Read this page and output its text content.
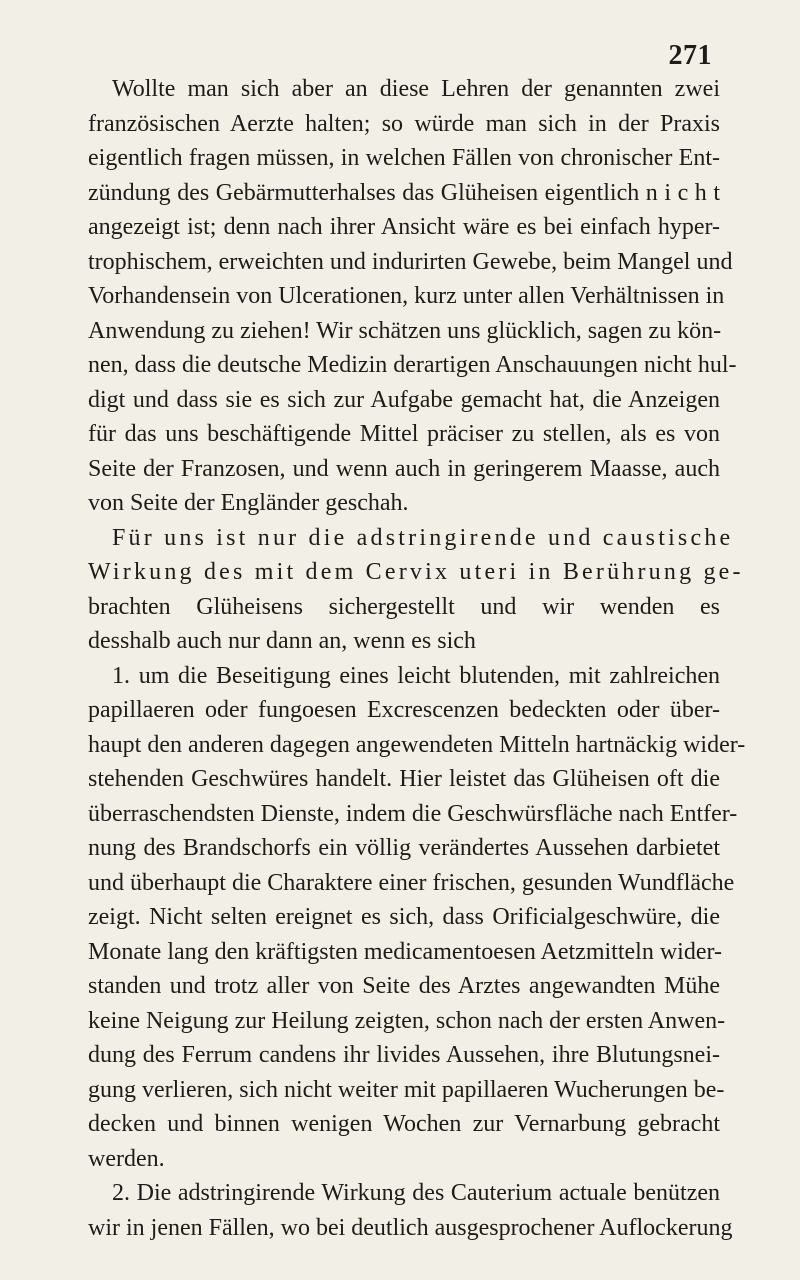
271
Wollte man sich aber an diese Lehren der genannten zwei
französischen Aerzte halten; so würde man sich in der Praxis
eigentlich fragen müssen, in welchen Fällen von chronischer Ent-
zündung des Gebärmutterhalses das Glüheisen eigentlich n i c h t
angezeigt ist; denn nach ihrer Ansicht wäre es bei einfach hyper-
trophischem, erweichten und indurirten Gewebe, beim Mangel und
Vorhandensein von Ulcerationen, kurz unter allen Verhältnissen in
Anwendung zu ziehen! Wir schätzen uns glücklich, sagen zu kön-
nen, dass die deutsche Medizin derartigen Anschauungen nicht hul-
digt und dass sie es sich zur Aufgabe gemacht hat, die Anzeigen
für das uns beschäftigende Mittel präciser zu stellen, als es von
Seite der Franzosen, und wenn auch in geringerem Maasse, auch
von Seite der Engländer geschah.
Für uns ist nur die adstringirende und caustische
Wirkung des mit dem Cervix uteri in Berührung ge-
brachten Glüheisens sichergestellt und wir wenden es
desshalb auch nur dann an, wenn es sich
1. um die Beseitigung eines leicht blutenden, mit zahlreichen
papillaeren oder fungoesen Excrescenzen bedeckten oder über-
haupt den anderen dagegen angewendeten Mitteln hartnäckig wider-
stehenden Geschwüres handelt. Hier leistet das Glüheisen oft die
überraschendsten Dienste, indem die Geschwürsfläche nach Entfer-
nung des Brandschorfs ein völlig verändertes Aussehen darbietet
und überhaupt die Charaktere einer frischen, gesunden Wundfläche
zeigt. Nicht selten ereignet es sich, dass Orificialgeschwüre, die
Monate lang den kräftigsten medicamentoesen Aetzmitteln wider-
standen und trotz aller von Seite des Arztes angewandten Mühe
keine Neigung zur Heilung zeigten, schon nach der ersten Anwen-
dung des Ferrum candens ihr livides Aussehen, ihre Blutungsnei-
gung verlieren, sich nicht weiter mit papillaeren Wucherungen be-
decken und binnen wenigen Wochen zur Vernarbung gebracht
werden.
2. Die adstringirende Wirkung des Cauterium actuale benützen
wir in jenen Fällen, wo bei deutlich ausgesprochener Auflockerung
